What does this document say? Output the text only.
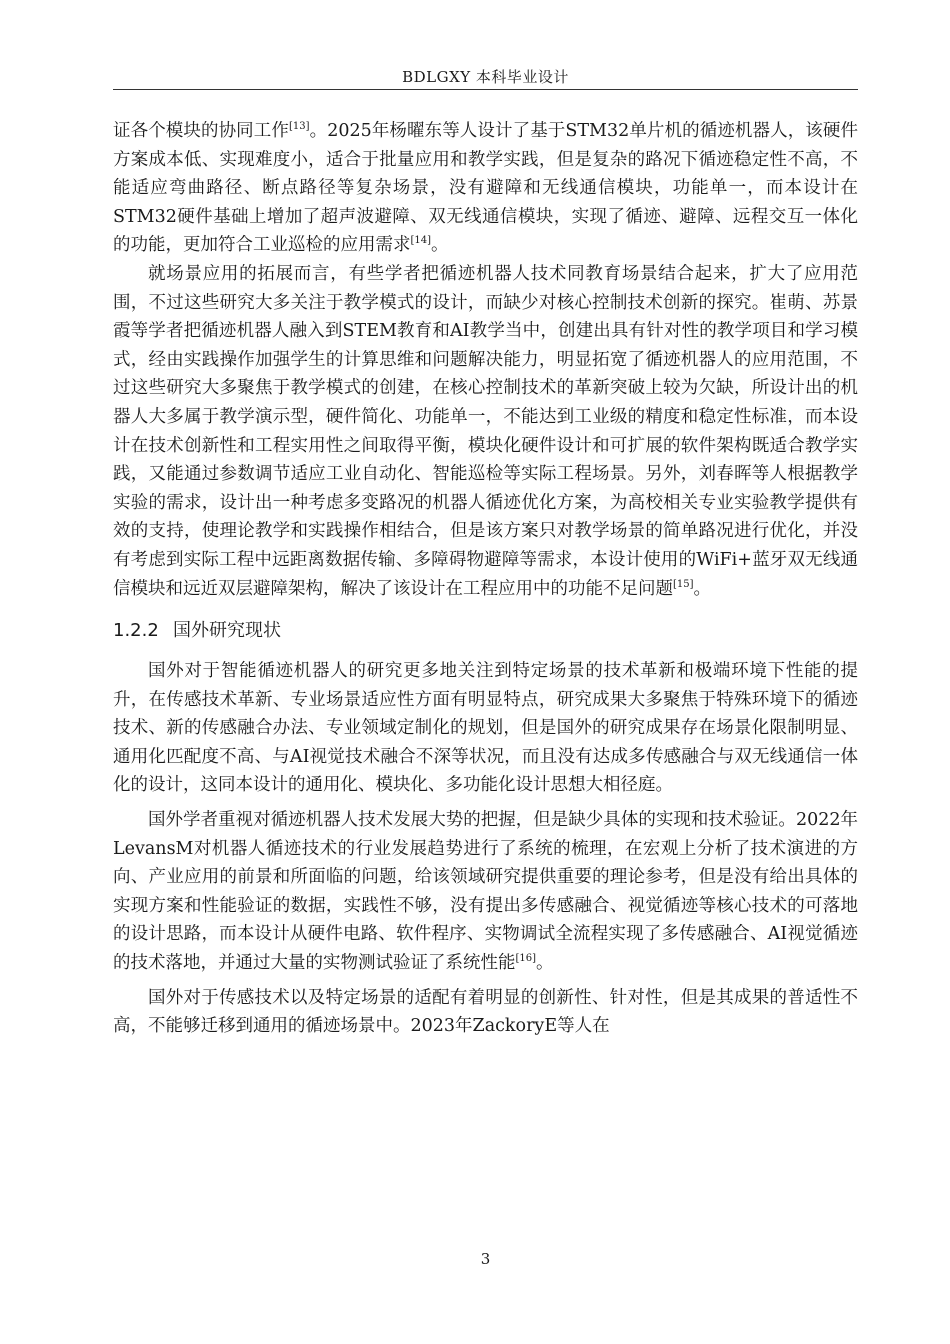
BDLGXY 本科毕业设计

证各个模块的协同工作[13]。2025年杨曜东等人设计了基于STM32单片机的循迹机器人，该硬件方案成本低、实现难度小，适合于批量应用和教学实践，但是复杂的路况下循迹稳定性不高，不能适应弯曲路径、断点路径等复杂场景，没有避障和无线通信模块，功能单一，而本设计在STM32硬件基础上增加了超声波避障、双无线通信模块，实现了循迹、避障、远程交互一体化的功能，更加符合工业巡检的应用需求[14]。

就场景应用的拓展而言，有些学者把循迹机器人技术同教育场景结合起来，扩大了应用范围，不过这些研究大多关注于教学模式的设计，而缺少对核心控制技术创新的探究。崔萌、苏景霞等学者把循迹机器人融入到STEM教育和AI教学当中，创建出具有针对性的教学项目和学习模式，经由实践操作加强学生的计算思维和问题解决能力，明显拓宽了循迹机器人的应用范围，不过这些研究大多聚焦于教学模式的创建，在核心控制技术的革新突破上较为欠缺，所设计出的机器人大多属于教学演示型，硬件简化、功能单一，不能达到工业级的精度和稳定性标准，而本设计在技术创新性和工程实用性之间取得平衡，模块化硬件设计和可扩展的软件架构既适合教学实践，又能通过参数调节适应工业自动化、智能巡检等实际工程场景。另外，刘春晖等人根据教学实验的需求，设计出一种考虑多变路况的机器人循迹优化方案，为高校相关专业实验教学提供有效的支持，使理论教学和实践操作相结合，但是该方案只对教学场景的简单路况进行优化，并没有考虑到实际工程中远距离数据传输、多障碍物避障等需求，本设计使用的WiFi+蓝牙双无线通信模块和远近双层避障架构，解决了该设计在工程应用中的功能不足问题[15]。

1.2.2 国外研究现状

国外对于智能循迹机器人的研究更多地关注到特定场景的技术革新和极端环境下性能的提升，在传感技术革新、专业场景适应性方面有明显特点，研究成果大多聚焦于特殊环境下的循迹技术、新的传感融合办法、专业领域定制化的规划，但是国外的研究成果存在场景化限制明显、通用化匹配度不高、与AI视觉技术融合不深等状况，而且没有达成多传感融合与双无线通信一体化的设计，这同本设计的通用化、模块化、多功能化设计思想大相径庭。

国外学者重视对循迹机器人技术发展大势的把握，但是缺少具体的实现和技术验证。2022年LevansM对机器人循迹技术的行业发展趋势进行了系统的梳理，在宏观上分析了技术演进的方向、产业应用的前景和所面临的问题，给该领域研究提供重要的理论参考，但是没有给出具体的实现方案和性能验证的数据，实践性不够，没有提出多传感融合、视觉循迹等核心技术的可落地的设计思路，而本设计从硬件电路、软件程序、实物调试全流程实现了多传感融合、AI视觉循迹的技术落地，并通过大量的实物测试验证了系统性能[16]。

国外对于传感技术以及特定场景的适配有着明显的创新性、针对性，但是其成果的普适性不高，不能够迁移到通用的循迹场景中。2023年ZackoryE等人在

3
